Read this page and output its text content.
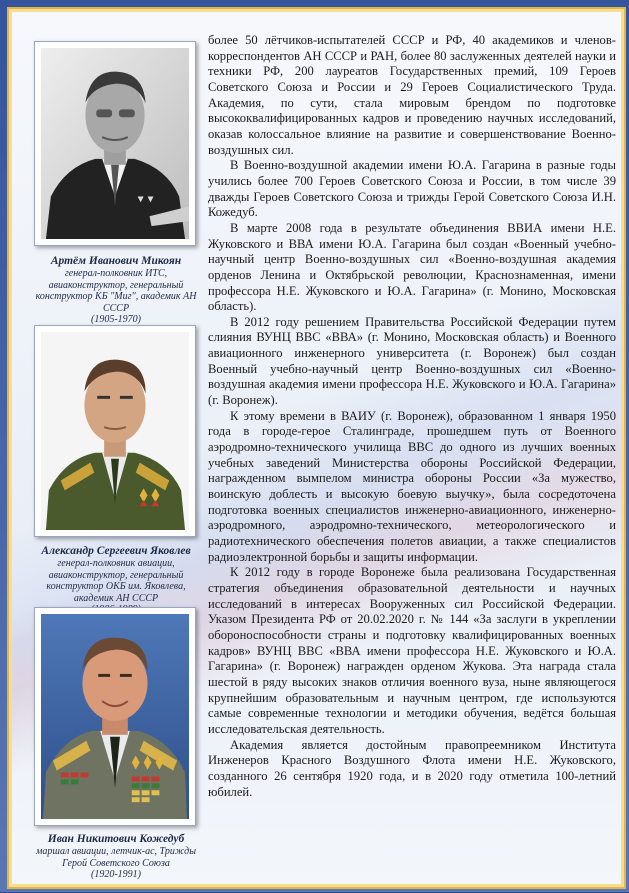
Артём Иванович Микоян
генерал-полковник ИТС, авиаконструктор, генеральный конструктор КБ "Миг", академик АН СССР
(1905-1970)
Александр Сергеевич Яковлев
генерал-полковник авиации, авиаконструктор, генеральный конструктор ОКБ им. Яковлева, академик АН СССР
Иван Никитович Кожедуб
маршал авиации, летчик-ас, Трижды Герой Советского Союза
(1920-1991)

более 50 лётчиков-испытателей СССР и РФ, 40 академиков и членов-корреспондентов АН СССР и РАН, более 80 заслуженных деятелей науки и техники РФ, 200 лауреатов Государственных премий, 109 Героев Советского Союза и России и 29 Героев Социалистического Труда. Академия, по сути, стала мировым брендом по подготовке высококвалифицированных кадров и проведению научных исследований, оказав колоссальное влияние на развитие и совершенствование Военно-воздушных сил.

В Военно-воздушной академии имени Ю.А. Гагарина в разные годы учились более 700 Героев Советского Союза и России, в том числе 39 дважды Героев Советского Союза и трижды Герой Советского Союза И.Н. Кожедуб.

В марте 2008 года в результате объединения ВВИА имени Н.Е. Жуковского и ВВА имени Ю.А. Гагарина был создан «Военный учебно-научный центр Военно-воздушных сил «Военно-воздушная академия орденов Ленина и Октябрьской революции, Краснознаменная, имени профессора Н.Е. Жуковского и Ю.А. Гагарина» (г. Монино, Московская область).

В 2012 году решением Правительства Российской Федерации путем слияния ВУНЦ ВВС «ВВА» (г. Монино, Московская область) и Военного авиационного инженерного университета (г. Воронеж) был создан Военный учебно-научный центр Военно-воздушных сил «Военно-воздушная академия имени профессора Н.Е. Жуковского и Ю.А. Гагарина» (г. Воронеж).

К этому времени в ВАИУ (г. Воронеж), образованном 1 января 1950 года в городе-герое Сталинграде, прошедшем путь от Военного аэродромно-технического училища ВВС до одного из лучших военных учебных заведений Министерства обороны Российской Федерации, награжденном вымпелом министра обороны России «За мужество, воинскую доблесть и высокую боевую выучку», была сосредоточена подготовка военных специалистов инженерно-авиационного, инженерно-аэродромного, аэродромно-технического, метеорологического и радиотехнического обеспечения полетов авиации, а также специалистов радиоэлектронной борьбы и защиты информации.

К 2012 году в городе Воронеже была реализована Государственная стратегия объединения образовательной деятельности и научных исследований в интересах Вооруженных сил Российской Федерации. Указом Президента РФ от 20.02.2020 г. № 144 «За заслуги в укреплении обороноспособности страны и подготовку квалифицированных военных кадров» ВУНЦ ВВС «ВВА имени профессора Н.Е. Жуковского и Ю.А. Гагарина» (г. Воронеж) награжден орденом Жукова. Эта награда стала шестой в ряду высоких знаков отличия военного вуза, ныне являющегося крупнейшим образовательным и научным центром, где используются самые современные технологии и методики обучения, ведётся большая исследовательская деятельность.

Академия является достойным правопреемником Института Инженеров Красного Воздушного Флота имени Н.Е. Жуковского, созданного 26 сентября 1920 года, и в 2020 году отметила 100-летний юбилей.
